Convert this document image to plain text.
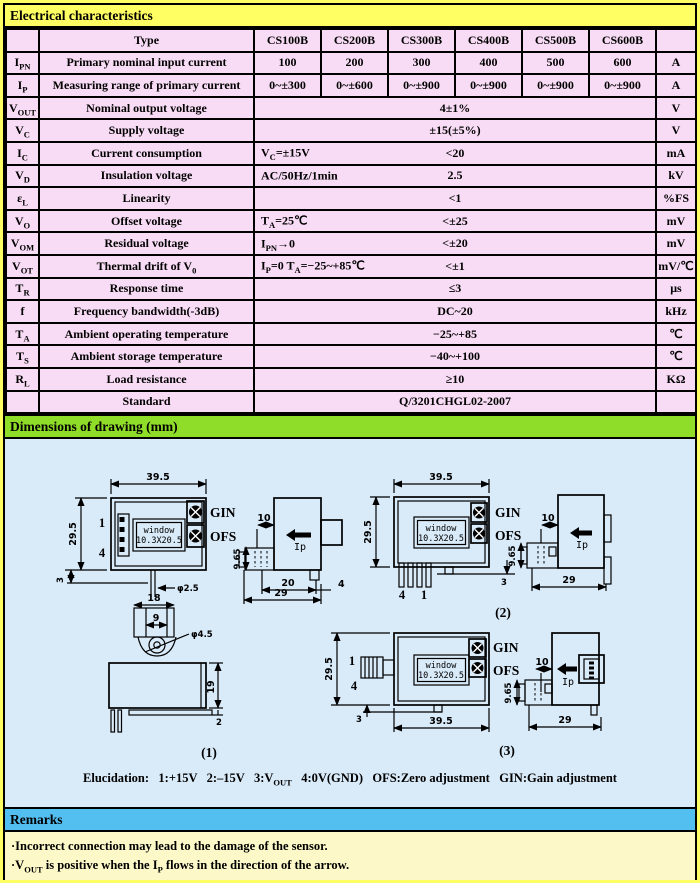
Electrical characteristics
	Type	CS100B	CS200B	CS300B	CS400B	CS500B	CS600B	
$I_{PN}$	Primary nominal input current	100	200	300	400	500	600	A
$I_P$	Measuring range of primary current	0~±300	0~±600	0~±900	0~±900	0~±900	0~±900	A
$V_{OUT}$	Nominal output voltage	4±1%						V
$V_C$	Supply voltage	±15(±5%)						V
$I_C$	Current consumption	$V_C=\pm 15V <20$						mA
$V_D$	Insulation voltage	AC/50Hz/1min 2.5						kV
$\varepsilon_L$	Linearity	<1						%FS
$V_O$	Offset voltage	$T_A=25℃ <\pm 25$						mV
$V_{OM}$	Residual voltage	$I_{PN}\to 0 <\pm 20$						mV
$V_{OT}$	Thermal drift of $V_0$	$I_P=0$ $T_A=-25\sim+85℃ <\pm 1$						mV/℃
$T_R$	Response time	≤3						μs
f	Frequency bandwidth(-3dB)	DC~20						kHz
$T_A$	Ambient operating temperature	−25~+85						℃
$T_S$	Ambient storage temperature	−40~+100						℃
$R_L$	Load resistance	≥10						KΩ
	Standard	Q/3201CHGL02-2007						
Dimensions of drawing (mm)
39.5
29.5 1
4
window
10.3X20.5
GIN
OFS
φ2.5
3
10
9.65
Ip
20	4
29
39.5
29.5	window
10.3X20.5
GIN
OFS
4 1
3
(2)
10
9.65
Ip
29
18
9
φ4.5
19
2
(1)
29.5 1
4
window
10.3X20.5
GIN
OFS
3	39.5
(3)
Ip
10
9.65
29
Elucidation:   1:+15V   2:–15V   $3:V_{OUT}$   4:0V(GND)   OFS:Zero adjustment   GIN:Gain adjustment
Remarks
·Incorrect connection may lead to the damage of the sensor.
$\cdot V_{OUT}$ is positive when the $I_P$ flows in the direction of the arrow.
